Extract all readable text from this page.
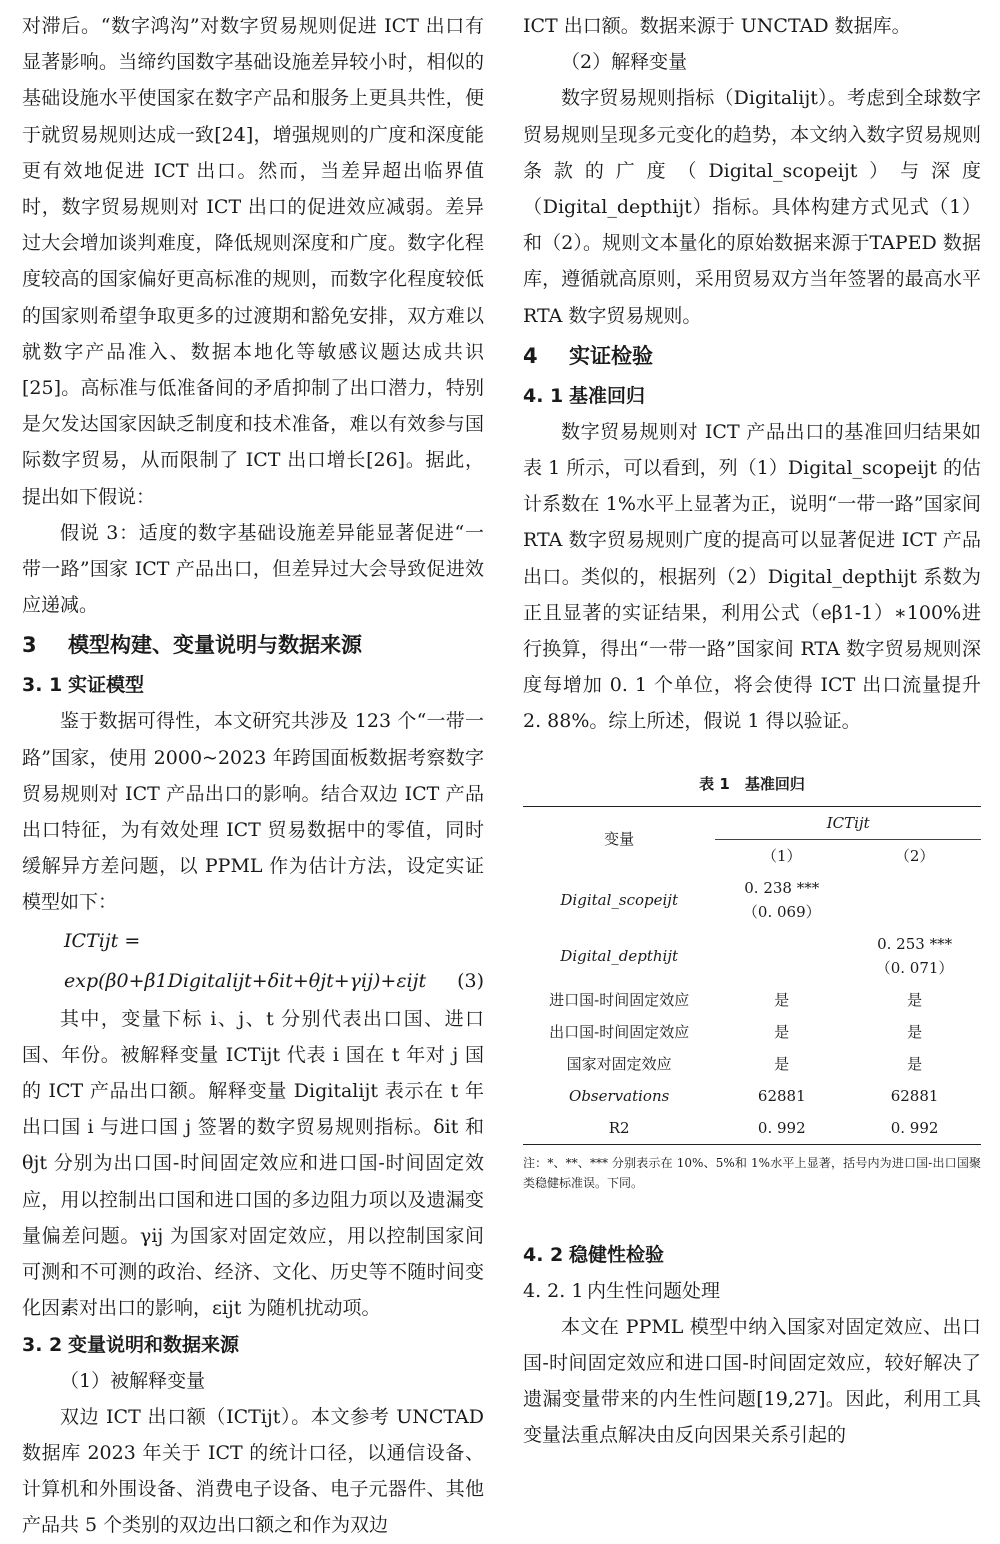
对滞后。“数字鸿沟”对数字贸易规则促进 ICT 出口有显著影响。当缔约国数字基础设施差异较小时，相似的基础设施水平使国家在数字产品和服务上更具共性，便于就贸易规则达成一致[24]，增强规则的广度和深度能更有效地促进 ICT 出口。然而，当差异超出临界值时，数字贸易规则对 ICT 出口的促进效应减弱。差异过大会增加谈判难度，降低规则深度和广度。数字化程度较高的国家偏好更高标准的规则，而数字化程度较低的国家则希望争取更多的过渡期和豁免安排，双方难以就数字产品准入、数据本地化等敏感议题达成共识[25]。高标准与低准备间的矛盾抑制了出口潜力，特别是欠发达国家因缺乏制度和技术准备，难以有效参与国际数字贸易，从而限制了 ICT 出口增长[26]。据此，提出如下假说：

假说 3：适度的数字基础设施差异能显著促进“一带一路”国家 ICT 产品出口，但差异过大会导致促进效应递减。

3 模型构建、变量说明与数据来源
3. 1 实证模型

鉴于数据可得性，本文研究共涉及 123 个“一带一路”国家，使用 2000~2023 年跨国面板数据考察数字贸易规则对 ICT 产品出口的影响。结合双边 ICT 产品出口特征，为有效处理 ICT 贸易数据中的零值，同时缓解异方差问题，以 PPML 作为估计方法，设定实证模型如下：

ICTijt = exp(β0+β1Digitalijt+δit+θjt+γij)+εijt (3)

其中，变量下标 i、j、t 分别代表出口国、进口国、年份。被解释变量 ICTijt 代表 i 国在 t 年对 j 国的 ICT 产品出口额。解释变量 Digitalijt 表示在 t 年出口国 i 与进口国 j 签署的数字贸易规则指标。δit 和 θjt 分别为出口国-时间固定效应和进口国-时间固定效应，用以控制出口国和进口国的多边阻力项以及遗漏变量偏差问题。γij 为国家对固定效应，用以控制国家间可测和不可测的政治、经济、文化、历史等不随时间变化因素对出口的影响，εijt 为随机扰动项。

3. 2 变量说明和数据来源

（1）被解释变量

双边 ICT 出口额（ICTijt）。本文参考 UNCTAD 数据库 2023 年关于 ICT 的统计口径，以通信设备、计算机和外围设备、消费电子设备、电子元器件、其他产品共 5 个类别的双边出口额之和作为双边

ICT 出口额。数据来源于 UNCTAD 数据库。

（2）解释变量

数字贸易规则指标（Digitalijt）。考虑到全球数字贸易规则呈现多元变化的趋势，本文纳入数字贸易规则条款的广度（Digital_scopeijt）与深度（Digital_depthijt）指标。具体构建方式见式（1）和（2）。规则文本量化的原始数据来源于TAPED 数据库，遵循就高原则，采用贸易双方当年签署的最高水平 RTA 数字贸易规则。

4 实证检验
4. 1 基准回归

数字贸易规则对 ICT 产品出口的基准回归结果如表 1 所示，可以看到，列（1）Digital_scopeijt 的估计系数在 1%水平上显著为正，说明“一带一路”国家间 RTA 数字贸易规则广度的提高可以显著促进 ICT 产品出口。类似的，根据列（2）Digital_depthijt 系数为正且显著的实证结果，利用公式（eβ1-1）∗100%进行换算，得出“一带一路”国家间 RTA 数字贸易规则深度每增加 0. 1 个单位，将会使得 ICT 出口流量提升 2. 88%。综上所述，假说 1 得以验证。

表 1　基准回归
变量	ICTijt	
	（1）	（2）
Digital_scopeijt	0. 238 ***
（0. 069）	

Digital_depthijt		0. 253 ***
（0. 071）

进口国-时间固定效应	是	是
出口国-时间固定效应	是	是
国家对固定效应	是	是
Observations	62881	62881
R2	0. 992	0. 992
注：*、**、*** 分别表示在 10%、5%和 1%水平上显著，括号内为进口国-出口国聚类稳健标准误。下同。
4. 2 稳健性检验
4. 2. 1 内生性问题处理

本文在 PPML 模型中纳入国家对固定效应、出口国-时间固定效应和进口国-时间固定效应，较好解决了遗漏变量带来的内生性问题[19,27]。因此，利用工具变量法重点解决由反向因果关系引起的
